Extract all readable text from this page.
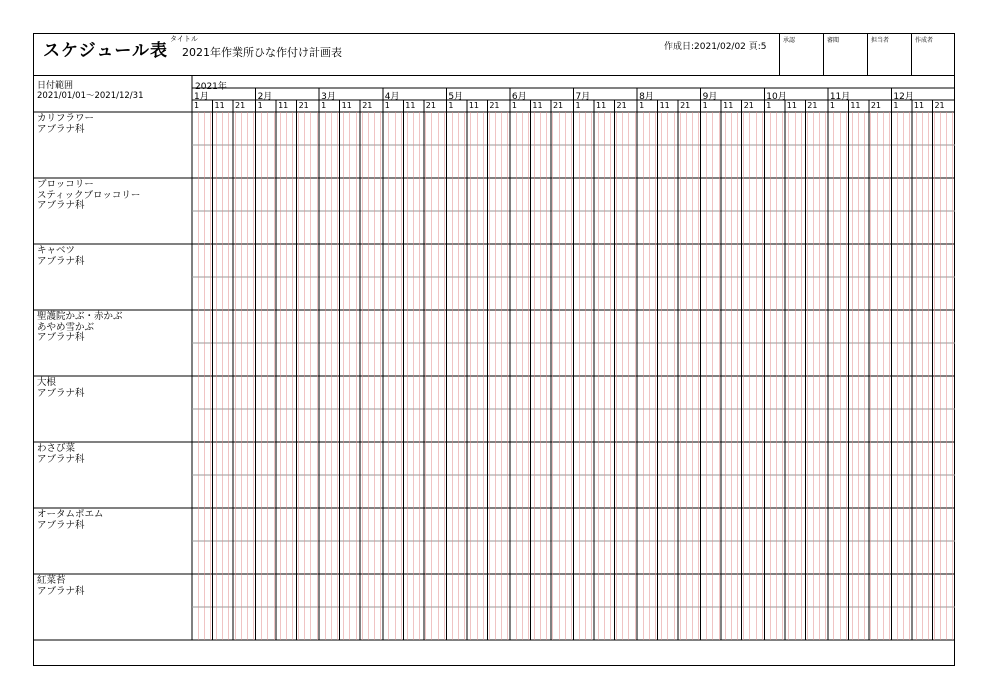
スケジュール表
タイトル
2021年作業所ひな作付け計画表	作成日:2021/02/02 頁:5
承認	審閲	担当者	作成者
日付範囲
2021/01/01～2021/12/31
2021年
1月
1 11 21
2月
1 11 21
3月
1 11 21
4月
1 11 21
5月
1 11 21
6月
1 11 21
7月
1 11 21
8月
1 11 21
9月
1 11 21
10月
1 11 21
11月
1 11 21
12月
1 11 21
カリフラワー
アブラナ科
ブロッコリー
スティックブロッコリー
アブラナ科
キャベツ
アブラナ科
聖護院かぶ・赤かぶ
あやめ雪かぶ
アブラナ科
大根
アブラナ科
わさび菜
アブラナ科
オータムポエム
アブラナ科
紅菜苔
アブラナ科
